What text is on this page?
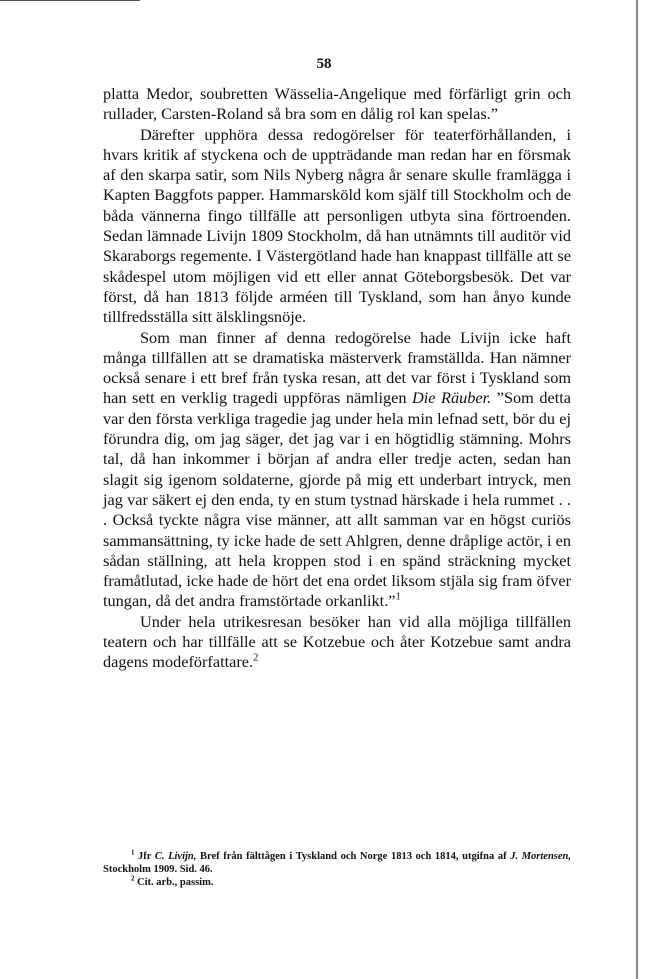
58

platta Medor, soubretten Wässelia-Angelique med förfärligt grin och rullader, Carsten-Roland så bra som en dålig rol kan spelas.”

Därefter upphöra dessa redogörelser för teaterförhållanden, i hvars kritik af styckena och de uppträdande man redan har en försmak af den skarpa satir, som Nils Nyberg några år senare skulle framlägga i Kapten Baggfots papper. Hammarsköld kom själf till Stockholm och de båda vännerna fingo tillfälle att personligen utbyta sina förtroenden. Sedan lämnade Livijn 1809 Stockholm, då han utnämnts till auditör vid Skaraborgs regemente. I Västergötland hade han knappast tillfälle att se skådespel utom möjligen vid ett eller annat Göteborgsbesök. Det var först, då han 1813 följde arméen till Tyskland, som han ånyo kunde tillfredsställa sitt älsklingsnöje.

Som man finner af denna redogörelse hade Livijn icke haft många tillfällen att se dramatiska mästerverk framställda. Han nämner också senare i ett bref från tyska resan, att det var först i Tyskland som han sett en verklig tragedi uppföras nämligen Die Räuber. ”Som detta var den första verkliga tragedie jag under hela min lefnad sett, bör du ej förundra dig, om jag säger, det jag var i en högtidlig stämning. Mohrs tal, då han inkommer i början af andra eller tredje acten, sedan han slagit sig igenom soldaterne, gjorde på mig ett underbart intryck, men jag var säkert ej den enda, ty en stum tystnad härskade i hela rummet . . . Också tyckte några vise männer, att allt samman var en högst curiös sammansättning, ty icke hade de sett Ahlgren, denne dråplige actör, i en sådan ställning, att hela kroppen stod i en spänd sträckning mycket framåtlutad, icke hade de hört det ena ordet liksom stjäla sig fram öfver tungan, då det andra framstörtade orkanlikt.”$^1$

Under hela utrikesresan besöker han vid alla möjliga tillfällen teatern och har tillfälle att se Kotzebue och åter Kotzebue samt andra dagens modeförfattare.$^2$

$^1$ Jfr C. Livijn, Bref från fälttågen i Tyskland och Norge 1813 och 1814, utgifna af J. Mortensen, Stockholm 1909. Sid. 46.

$^2$ Cit. arb., passim.
